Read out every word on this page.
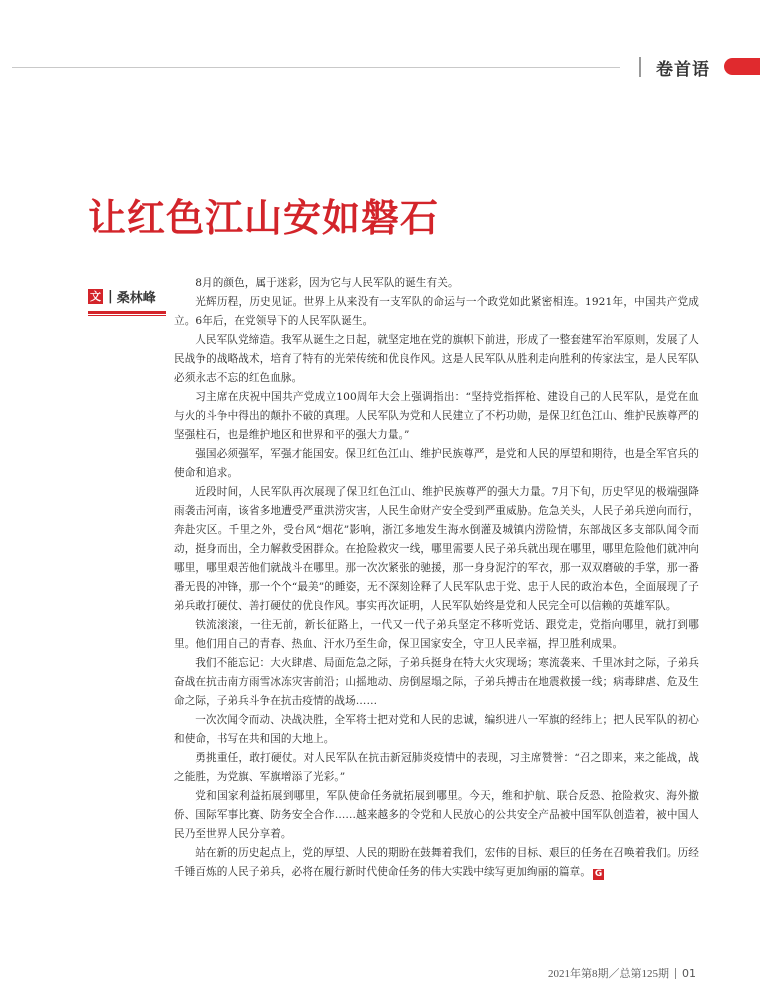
卷首语
让红色江山安如磐石
文 | 桑林峰

8月的颜色，属于迷彩，因为它与人民军队的诞生有关。

光辉历程，历史见证。世界上从来没有一支军队的命运与一个政党如此紧密相连。1921年，中国共产党成立。6年后，在党领导下的人民军队诞生。

人民军队党缔造。我军从诞生之日起，就坚定地在党的旗帜下前进，形成了一整套建军治军原则，发展了人民战争的战略战术，培育了特有的光荣传统和优良作风。这是人民军队从胜利走向胜利的传家法宝，是人民军队必须永志不忘的红色血脉。

习主席在庆祝中国共产党成立100周年大会上强调指出：“坚持党指挥枪、建设自己的人民军队，是党在血与火的斗争中得出的颠扑不破的真理。人民军队为党和人民建立了不朽功勋，是保卫红色江山、维护民族尊严的坚强柱石，也是维护地区和世界和平的强大力量。”

强国必须强军，军强才能国安。保卫红色江山、维护民族尊严，是党和人民的厚望和期待，也是全军官兵的使命和追求。

近段时间，人民军队再次展现了保卫红色江山、维护民族尊严的强大力量。7月下旬，历史罕见的极端强降雨袭击河南，该省多地遭受严重洪涝灾害，人民生命财产安全受到严重威胁。危急关头，人民子弟兵逆向而行，奔赴灾区。千里之外，受台风“烟花”影响，浙江多地发生海水倒灌及城镇内涝险情，东部战区多支部队闻令而动，挺身而出，全力解救受困群众。在抢险救灾一线，哪里需要人民子弟兵就出现在哪里，哪里危险他们就冲向哪里，哪里艰苦他们就战斗在哪里。那一次次紧张的驰援，那一身身泥泞的军衣，那一双双磨破的手掌，那一番番无畏的冲锋，那一个个“最美”的睡姿，无不深刻诠释了人民军队忠于党、忠于人民的政治本色，全面展现了子弟兵敢打硬仗、善打硬仗的优良作风。事实再次证明，人民军队始终是党和人民完全可以信赖的英雄军队。

铁流滚滚，一往无前，新长征路上，一代又一代子弟兵坚定不移听党话、跟党走，党指向哪里，就打到哪里。他们用自己的青春、热血、汗水乃至生命，保卫国家安全，守卫人民幸福，捍卫胜利成果。

我们不能忘记：大火肆虐、局面危急之际，子弟兵挺身在特大火灾现场；寒流袭来、千里冰封之际，子弟兵奋战在抗击南方雨雪冰冻灾害前沿；山摇地动、房倒屋塌之际，子弟兵搏击在地震救援一线；病毒肆虐、危及生命之际，子弟兵斗争在抗击疫情的战场……

一次次闻令而动、决战决胜，全军将士把对党和人民的忠诚，编织进八一军旗的经纬上；把人民军队的初心和使命，书写在共和国的大地上。

勇挑重任，敢打硬仗。对人民军队在抗击新冠肺炎疫情中的表现，习主席赞誉：“召之即来，来之能战，战之能胜，为党旗、军旗增添了光彩。”

党和国家利益拓展到哪里，军队使命任务就拓展到哪里。今天，维和护航、联合反恐、抢险救灾、海外撤侨、国际军事比赛、防务安全合作……越来越多的令党和人民放心的公共安全产品被中国军队创造着，被中国人民乃至世界人民分享着。

站在新的历史起点上，党的厚望、人民的期盼在鼓舞着我们，宏伟的目标、艰巨的任务在召唤着我们。历经千锤百炼的人民子弟兵，必将在履行新时代使命任务的伟大实践中续写更加绚丽的篇章。 G

2021年第8期／总第125期 01
